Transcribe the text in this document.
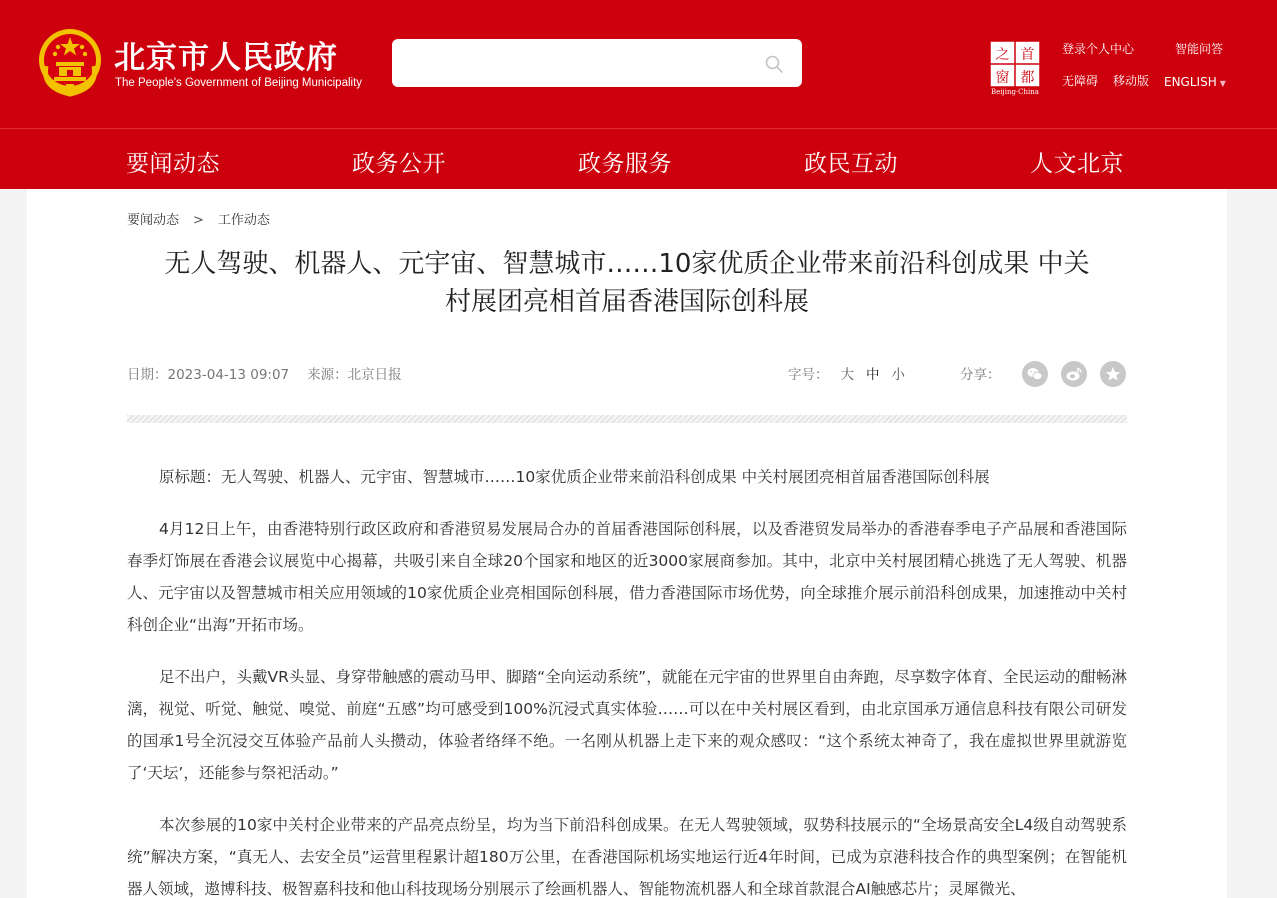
北京市人民政府
The People's Government of Beijing Municipality
之 首
窗 都
Beijing·China
登录个人中心	智能问答
无障碍 移动版 ENGLISH ▼
要闻动态	政务公开	政务服务	政民互动	人文北京
要闻动态 > 工作动态
无人驾驶、机器人、元宇宙、智慧城市……10家优质企业带来前沿科创成果 中关
村展团亮相首届香港国际创科展
日期：2023-04-13 09:07 来源：北京日报	字号： 大 中 小	分享：

原标题：无人驾驶、机器人、元宇宙、智慧城市……10家优质企业带来前沿科创成果 中关村展团亮相首届香港国际创科展

4月12日上午，由香港特别行政区政府和香港贸易发展局合办的首届香港国际创科展，以及香港贸发局举办的香港春季电子产品展和香港国际春季灯饰展在香港会议展览中心揭幕，共吸引来自全球20个国家和地区的近3000家展商参加。其中，北京中关村展团精心挑选了无人驾驶、机器人、元宇宙以及智慧城市相关应用领域的10家优质企业亮相国际创科展，借力香港国际市场优势，向全球推介展示前沿科创成果，加速推动中关村科创企业“出海”开拓市场。

足不出户，头戴VR头显、身穿带触感的震动马甲、脚踏“全向运动系统”，就能在元宇宙的世界里自由奔跑，尽享数字体育、全民运动的酣畅淋漓，视觉、听觉、触觉、嗅觉、前庭“五感”均可感受到100%沉浸式真实体验……可以在中关村展区看到，由北京国承万通信息科技有限公司研发的国承1号全沉浸交互体验产品前人头攒动，体验者络绎不绝。一名刚从机器上走下来的观众感叹：“这个系统太神奇了，我在虚拟世界里就游览了‘天坛’，还能参与祭祀活动。”

本次参展的10家中关村企业带来的产品亮点纷呈，均为当下前沿科创成果。在无人驾驶领域，驭势科技展示的“全场景高安全L4级自动驾驶系统”解决方案，“真无人、去安全员”运营里程累计超180万公里，在香港国际机场实地运行近4年时间，已成为京港科技合作的典型案例；在智能机器人领域，遨博科技、极智嘉科技和他山科技现场分别展示了绘画机器人、智能物流机器人和全球首款混合AI触感芯片；灵犀微光、
